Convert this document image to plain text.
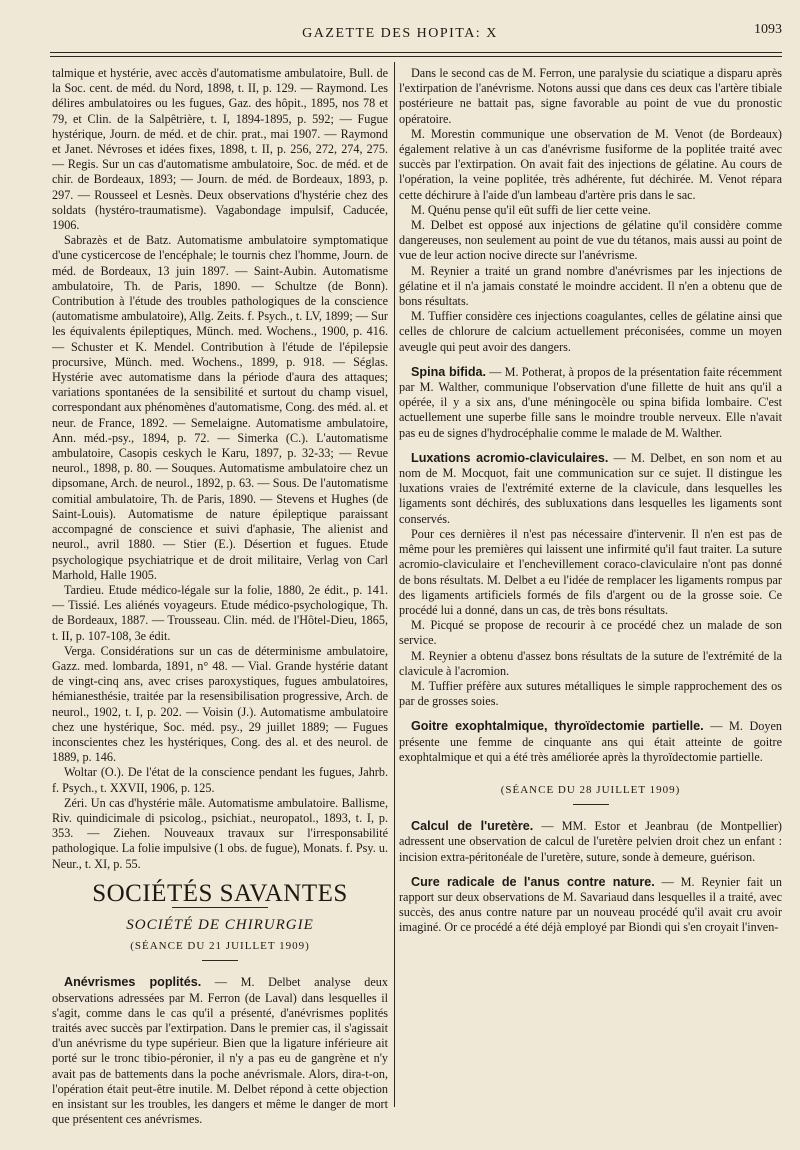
GAZETTE DES HOPITA: X	1093

talmique et hystérie, avec accès d'automatisme ambulatoire, Bull. de la Soc. cent. de méd. du Nord, 1898, t. II, p. 129. — Raymond. Les délires ambulatoires ou les fugues, Gaz. des hôpit., 1895, nos 78 et 79, et Clin. de la Salpêtrière, t. I, 1894-1895, p. 592; — Fugue hystérique, Journ. de méd. et de chir. prat., mai 1907. — Raymond et Janet. Névroses et idées fixes, 1898, t. II, p. 256, 272, 274, 275. — Regis. Sur un cas d'automatisme ambulatoire, Soc. de méd. et de chir. de Bordeaux, 1893; — Journ. de méd. de Bordeaux, 1893, p. 297. — Rousseel et Lesnès. Deux observations d'hystérie chez des soldats (hystéro-traumatisme). Vagabondage impulsif, Caducée, 1906.

Sabrazès et de Batz. Automatisme ambulatoire symptomatique d'une cysticercose de l'encéphale; le tournis chez l'homme, Journ. de méd. de Bordeaux, 13 juin 1897. — Saint-Aubin. Automatisme ambulatoire, Th. de Paris, 1890. — Schultze (de Bonn). Contribution à l'étude des troubles pathologiques de la conscience (automatisme ambulatoire), Allg. Zeits. f. Psych., t. LV, 1899; — Sur les équivalents épileptiques, Münch. med. Wochens., 1900, p. 416. — Schuster et K. Mendel. Contribution à l'étude de l'épilepsie procursive, Münch. med. Wochens., 1899, p. 918. — Séglas. Hystérie avec automatisme dans la période d'aura des attaques; variations spontanées de la sensibilité et surtout du champ visuel, correspondant aux phénomènes d'automatisme, Cong. des méd. al. et neur. de France, 1892. — Semelaigne. Automatisme ambulatoire, Ann. méd.-psy., 1894, p. 72. — Simerka (C.). L'automatisme ambulatoire, Casopis ceskych le Karu, 1897, p. 32-33; — Revue neurol., 1898, p. 80. — Souques. Automatisme ambulatoire chez un dipsomane, Arch. de neurol., 1892, p. 63. — Sous. De l'automatisme comitial ambulatoire, Th. de Paris, 1890. — Stevens et Hughes (de Saint-Louis). Automatisme de nature épileptique paraissant accompagné de conscience et suivi d'aphasie, The alienist and neurol., avril 1880. — Stier (E.). Désertion et fugues. Etude psychologique psychiatrique et de droit militaire, Verlag von Carl Marhold, Halle 1905.

Tardieu. Etude médico-légale sur la folie, 1880, 2e édit., p. 141. — Tissié. Les aliénés voyageurs. Etude médico-psychologique, Th. de Bordeaux, 1887. — Trousseau. Clin. méd. de l'Hôtel-Dieu, 1865, t. II, p. 107-108, 3e édit.

Verga. Considérations sur un cas de déterminisme ambulatoire, Gazz. med. lombarda, 1891, n° 48. — Vial. Grande hystérie datant de vingt-cinq ans, avec crises paroxystiques, fugues ambulatoires, hémianesthésie, traitée par la resensibilisation progressive, Arch. de neurol., 1902, t. I, p. 202. — Voisin (J.). Automatisme ambulatoire chez une hystérique, Soc. méd. psy., 29 juillet 1889; — Fugues inconscientes chez les hystériques, Cong. des al. et des neurol. de 1889, p. 146.

Woltar (O.). De l'état de la conscience pendant les fugues, Jahrb. f. Psych., t. XXVII, 1906, p. 125.

Zéri. Un cas d'hystérie mâle. Automatisme ambulatoire. Ballisme, Riv. quindicimale di psicolog., psichiat., neuropatol., 1893, t. I, p. 353. — Ziehen. Nouveaux travaux sur l'irresponsabilité pathologique. La folie impulsive (1 obs. de fugue), Monats. f. Psy. u. Neur., t. XI, p. 55.

SOCIÉTÉS SAVANTES
SOCIÉTÉ DE CHIRURGIE
(SÉANCE DU 21 JUILLET 1909)

Anévrismes poplités. — M. Delbet analyse deux observations adressées par M. Ferron (de Laval) dans lesquelles il s'agit, comme dans le cas qu'il a présenté, d'anévrismes poplités traités avec succès par l'extirpation. Dans le premier cas, il s'agissait d'un anévrisme du type supérieur. Bien que la ligature inférieure ait porté sur le tronc tibio-péronier, il n'y a pas eu de gangrène et n'y avait pas de battements dans la poche anévrismale. Alors, dira-t-on, l'opération était peut-être inutile. M. Delbet répond à cette objection en insistant sur les troubles, les dangers et même le danger de mort que présentent ces anévrismes.

Dans le second cas de M. Ferron, une paralysie du sciatique a disparu après l'extirpation de l'anévrisme. Notons aussi que dans ces deux cas l'artère tibiale postérieure ne battait pas, signe favorable au point de vue du pronostic opératoire.

M. Morestin communique une observation de M. Venot (de Bordeaux) également relative à un cas d'anévrisme fusiforme de la poplitée traité avec succès par l'extirpation. On avait fait des injections de gélatine. Au cours de l'opération, la veine poplitée, très adhérente, fut déchirée. M. Venot répara cette déchirure à l'aide d'un lambeau d'artère pris dans le sac.

M. Quénu pense qu'il eût suffi de lier cette veine.

M. Delbet est opposé aux injections de gélatine qu'il considère comme dangereuses, non seulement au point de vue du tétanos, mais aussi au point de vue de leur action nocive directe sur l'anévrisme.

M. Reynier a traité un grand nombre d'anévrismes par les injections de gélatine et il n'a jamais constaté le moindre accident. Il n'en a obtenu que de bons résultats.

M. Tuffier considère ces injections coagulantes, celles de gélatine ainsi que celles de chlorure de calcium actuellement préconisées, comme un moyen aveugle qui peut avoir des dangers.

Spina bifida. — M. Potherat, à propos de la présentation faite récemment par M. Walther, communique l'observation d'une fillette de huit ans qu'il a opérée, il y a six ans, d'une méningocèle ou spina bifida lombaire. C'est actuellement une superbe fille sans le moindre trouble nerveux. Elle n'avait pas eu de signes d'hydrocéphalie comme le malade de M. Walther.

Luxations acromio-claviculaires. — M. Delbet, en son nom et au nom de M. Mocquot, fait une communication sur ce sujet. Il distingue les luxations vraies de l'extrémité externe de la clavicule, dans lesquelles les ligaments sont déchirés, des subluxations dans lesquelles les ligaments sont conservés.

Pour ces dernières il n'est pas nécessaire d'intervenir. Il n'en est pas de même pour les premières qui laissent une infirmité qu'il faut traiter. La suture acromio-claviculaire et l'enchevillement coraco-claviculaire n'ont pas donné de bons résultats. M. Delbet a eu l'idée de remplacer les ligaments rompus par des ligaments artificiels formés de fils d'argent ou de la grosse soie. Ce procédé lui a donné, dans un cas, de très bons résultats.

M. Picqué se propose de recourir à ce procédé chez un malade de son service.

M. Reynier a obtenu d'assez bons résultats de la suture de l'extrémité de la clavicule à l'acromion.

M. Tuffier préfère aux sutures métalliques le simple rapprochement des os par de grosses soies.

Goitre exophtalmique, thyroïdectomie partielle. — M. Doyen présente une femme de cinquante ans qui était atteinte de goitre exophtalmique et qui a été très améliorée après la thyroïdectomie partielle.

(SÉANCE DU 28 JUILLET 1909)

Calcul de l'uretère. — MM. Estor et Jeanbrau (de Montpellier) adressent une observation de calcul de l'uretère pelvien droit chez un enfant : incision extra-péritonéale de l'uretère, suture, sonde à demeure, guérison.

Cure radicale de l'anus contre nature. — M. Reynier fait un rapport sur deux observations de M. Savariaud dans lesquelles il a traité, avec succès, des anus contre nature par un nouveau procédé qu'il avait cru avoir imaginé. Or ce procédé a été déjà employé par Biondi qui s'en croyait l'inven-
